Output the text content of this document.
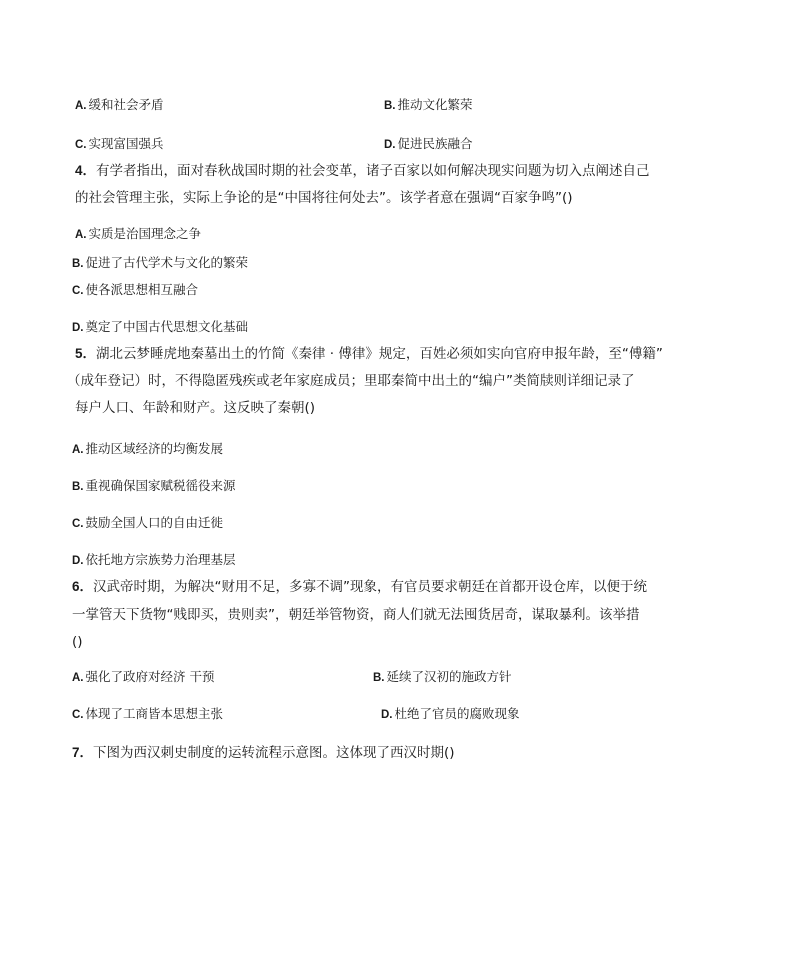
A. 缓和社会矛盾	B. 推动文化繁荣
C. 实现富国强兵	D. 促进民族融合
4．有学者指出，面对春秋战国时期的社会变革，诸子百家以如何解决现实问题为切入点阐述自己
的社会管理主张，实际上争论的是“中国将往何处去”。该学者意在强调“百家争鸣”()
A. 实质是治国理念之争
B. 促进了古代学术与文化的繁荣
C. 使各派思想相互融合
D. 奠定了中国古代思想文化基础
5．湖北云梦睡虎地秦墓出土的竹简《秦律 · 傅律》规定，百姓必须如实向官府申报年龄，至“傅籍”
（成年登记）时，不得隐匿残疾或老年家庭成员；里耶秦简中出土的“编户”类简牍则详细记录了
每户人口、年龄和财产。这反映了秦朝()
A. 推动区域经济的均衡发展
B. 重视确保国家赋税徭役来源
C. 鼓励全国人口的自由迁徙
D. 依托地方宗族势力治理基层
6．汉武帝时期，为解决“财用不足，多寡不调”现象，有官员要求朝廷在首都开设仓库，以便于统
一掌管天下货物“贱即买，贵则卖”，朝廷举管物资，商人们就无法囤货居奇，谋取暴利。该举措
()
A. 强化了政府对经济 干预	B. 延续了汉初的施政方针
C. 体现了工商皆本思想主张	D. 杜绝了官员的腐败现象
7．下图为西汉刺史制度的运转流程示意图。这体现了西汉时期()
